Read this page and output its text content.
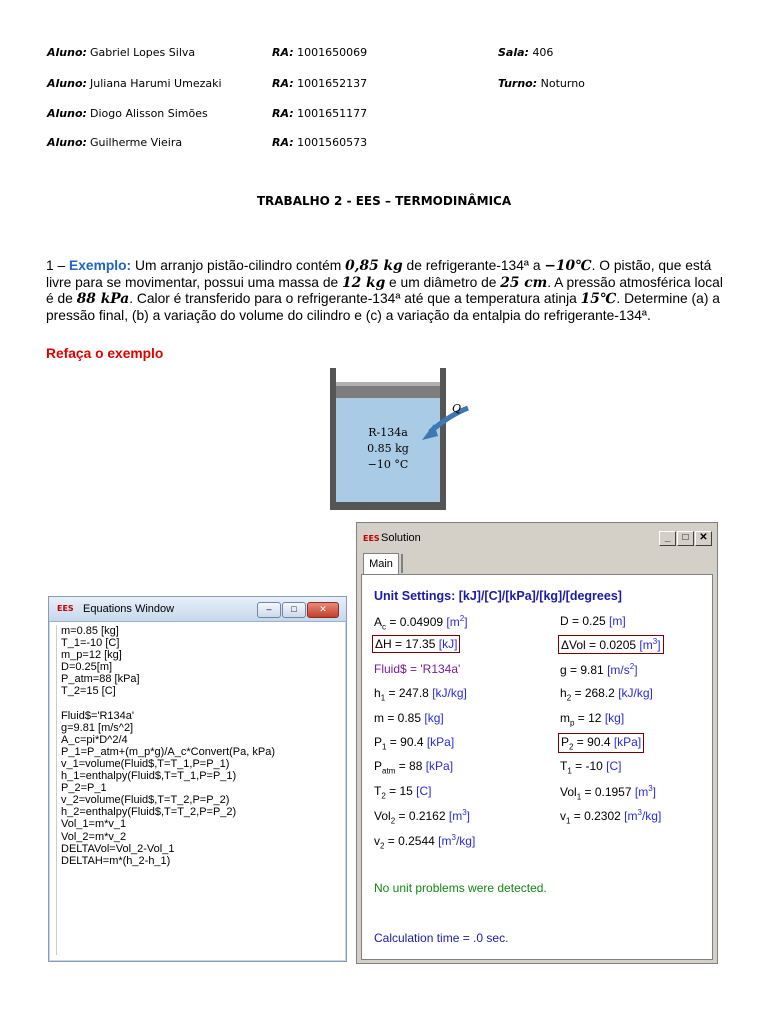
Aluno: Gabriel Lopes Silva	RA: 1001650069	Sala: 406
Aluno: Juliana Harumi Umezaki	RA: 1001652137	Turno: Noturno
Aluno: Diogo Alisson Simões	RA: 1001651177
Aluno: Guilherme Vieira	RA: 1001560573
TRABALHO 2 - EES – TERMODINÂMICA
1 – Exemplo: Um arranjo pistão-cilindro contém 0,85 kg de refrigerante-134ª a −10℃. O pistão, que está livre para se movimentar, possui uma massa de 12 kg e um diâmetro de 25 cm. A pressão atmosférica local é de 88 kPa. Calor é transferido para o refrigerante-134ª até que a temperatura atinja 15℃. Determine (a) a pressão final, (b) a variação do volume do cilindro e (c) a variação da entalpia do refrigerante-134ª.
Refaça o exemplo
R-134a
0.85 kg
−10 °C
Q
EES Equations Window	–	□	✕
m=0.85 [kg]
T_1=-10 [C]
m_p=12 [kg]
D=0.25[m]
P_atm=88 [kPa]
T_2=15 [C]
Fluid$='R134a'
g=9.81 [m/s^2]
A_c=pi*D^2/4
P_1=P_atm+(m_p*g)/A_c*Convert(Pa, kPa)
v_1=volume(Fluid$,T=T_1,P=P_1)
h_1=enthalpy(Fluid$,T=T_1,P=P_1)
P_2=P_1
v_2=volume(Fluid$,T=T_2,P=P_2)
h_2=enthalpy(Fluid$,T=T_2,P=P_2)
Vol_1=m*v_1
Vol_2=m*v_2
DELTAVol=Vol_2-Vol_1
DELTAH=m*(h_2-h_1)
EES Solution	_	□	✕
Main
Unit Settings: [kJ]/[C]/[kPa]/[kg]/[degrees]
$A_c = 0.04909$ $[m^2]$	D = 0.25 [m]
ΔH = 17.35 [kJ]	ΔVol = 0.0205 $[m^3]$
Fluid$ = 'R134a'	g = 9.81 $[m/s^2]$
$h_1 = 247.8$ [kJ/kg]	$h_2 = 268.2$ [kJ/kg]
m = 0.85 [kg]	$m_p = 12$ [kg]
$P_1 = 90.4$ [kPa]	$P_2 = 90.4$ [kPa]
$P_{atm} = 88$ [kPa]	$T_1 = -10$ [C]
$T_2 = 15$ [C]	Vol$_1$ = 0.1957 $[m^3]$
Vol$_2$ = 0.2162 $[m^3]$	$v_1 = 0.2302$ $[m^3/kg]$
$v_2 = 0.2544$ $[m^3/kg]$
No unit problems were detected.
Calculation time = .0 sec.
